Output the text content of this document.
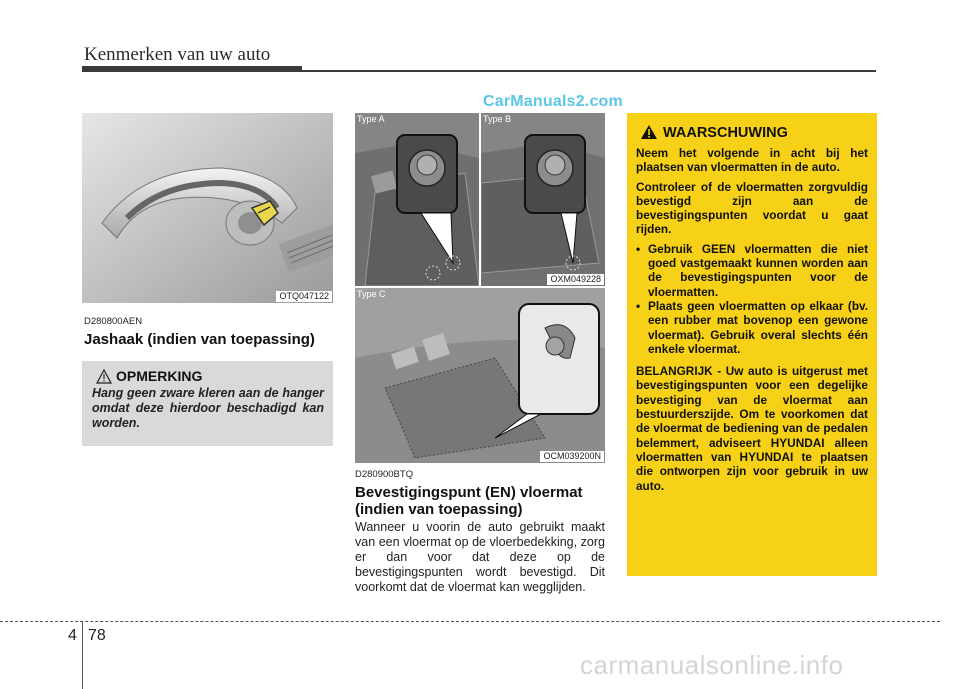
Kenmerken van uw auto
CarManuals2.com
OTQ047122
D280800AEN
Jashaak (indien van toepassing)
OPMERKING
Hang geen zware kleren aan de hanger omdat deze hierdoor beschadigd kan worden.
Type A	Type B
OXM049228
Type C
OCM039200N
D280900BTQ
Bevestigingspunt (EN) vloermat
(indien van toepassing)
Wanneer u voorin de auto gebruikt maakt van een vloermat op de vloerbedekking, zorg er dan voor dat deze op de bevestigingspunten wordt bevestigd. Dit voorkomt dat de vloermat kan wegglijden.
WAARSCHUWING

Neem het volgende in acht bij het plaatsen van vloermatten in de auto.

Controleer of de vloermatten zorgvuldig bevestigd zijn aan de bevestigingspunten voordat u gaat rijden.

• Gebruik GEEN vloermatten die niet goed vastgemaakt kunnen worden aan de bevestigingspunten voor de vloermatten.
• Plaats geen vloermatten op elkaar (bv. een rubber mat bovenop een gewone vloermat). Gebruik overal slechts één enkele vloermat.

BELANGRIJK - Uw auto is uitgerust met bevestigingspunten voor een degelijke bevestiging van de vloermat aan bestuurderszijde. Om te voorkomen dat de vloermat de bediening van de pedalen belemmert, adviseert HYUNDAI alleen vloermatten van HYUNDAI te plaatsen die ontworpen zijn voor gebruik in uw auto.

4 78
carmanualsonline.info
